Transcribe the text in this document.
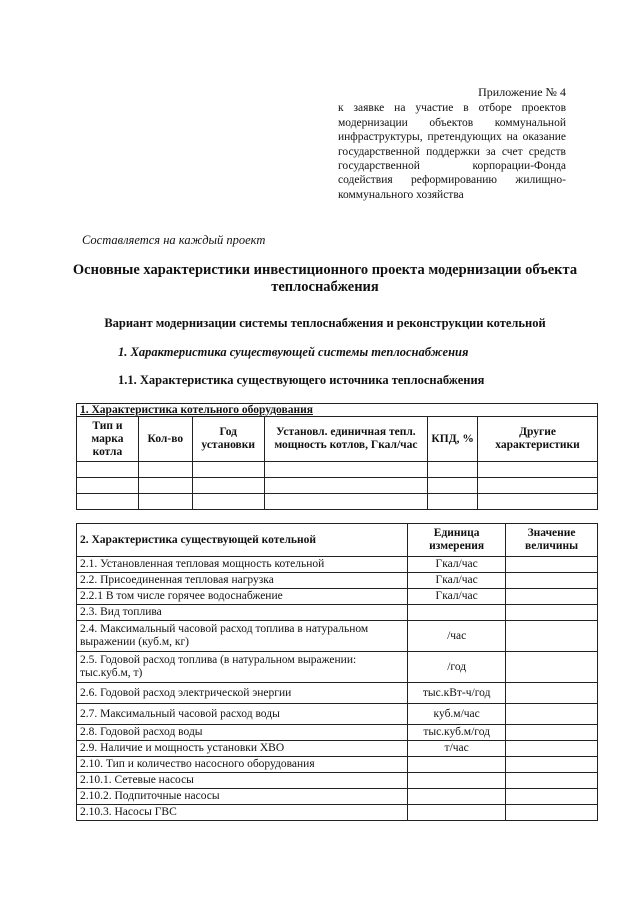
Приложение № 4
к заявке на участие в отборе проектов модернизации объектов коммунальной инфраструктуры, претендующих на оказание государственной поддержки за счет средств государственной корпорации-Фонда содействия реформированию жилищно-коммунального хозяйства
Составляется на каждый проект
Основные характеристики инвестиционного проекта модернизации объекта теплоснабжения
Вариант модернизации системы теплоснабжения и реконструкции котельной
1. Характеристика существующей системы теплоснабжения
1.1. Характеристика существующего источника теплоснабжения
1. Характеристика котельного оборудования					
Тип и марка котла	Кол-во	Год установки	Установл. единичная тепл. мощность котлов, Гкал/час	КПД, %	Другие характеристики

2. Характеристика существующей котельной	Единица измерения	Значение величины
2.1. Установленная тепловая мощность котельной	Гкал/час	
2.2. Присоединенная тепловая нагрузка	Гкал/час	
2.2.1 В том числе горячее водоснабжение	Гкал/час	
2.3. Вид топлива		
2.4. Максимальный часовой расход топлива в натуральном выражении (куб.м, кг)	/час	
2.5. Годовой расход топлива (в натуральном выражении: тыс.куб.м, т)	/год	
2.6. Годовой расход электрической энергии	тыс.кВт-ч/год	
2.7. Максимальный часовой расход воды	куб.м/час	
2.8. Годовой расход воды	тыс.куб.м/год	
2.9. Наличие и мощность установки ХВО	т/час	
2.10. Тип и количество насосного оборудования		
2.10.1. Сетевые насосы		
2.10.2. Подпиточные насосы		
2.10.3. Насосы ГВС		
